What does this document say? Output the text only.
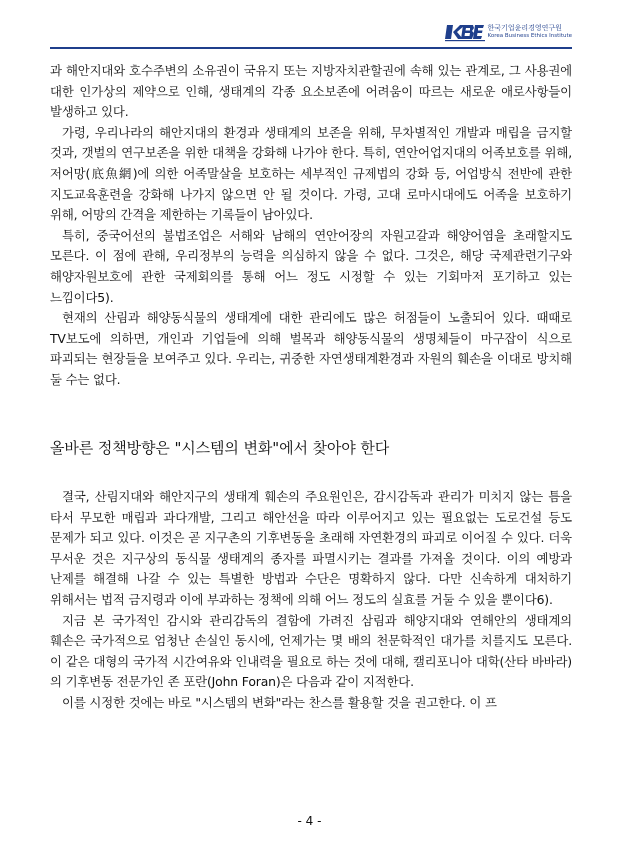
한국기업윤리경영연구원
Korea Business Ethics Institute

과 해안지대와 호수주변의 소유권이 국유지 또는 지방자치관할권에 속해 있는 관계로, 그 사용권에 대한 인가상의 제약으로 인해, 생태계의 각종 요소보존에 어려움이 따르는 새로운 애로사항들이 발생하고 있다.

가령, 우리나라의 해안지대의 환경과 생태계의 보존을 위해, 무차별적인 개발과 매립을 금지할 것과, 갯벌의 연구보존을 위한 대책을 강화해 나가야 한다. 특히, 연안어업지대의 어족보호를 위해, 저어망(底魚網)에 의한 어족말살을 보호하는 세부적인 규제법의 강화 등, 어업방식 전반에 관한 지도교육훈련을 강화해 나가지 않으면 안 될 것이다. 가령, 고대 로마시대에도 어족을 보호하기 위해, 어망의 간격을 제한하는 기록들이 남아있다.

특히, 중국어선의 불법조업은 서해와 남해의 연안어장의 자원고갈과 해양어염을 초래할지도 모른다. 이 점에 관해, 우리정부의 능력을 의심하지 않을 수 없다. 그것은, 해당 국제관련기구와 해양자원보호에 관한 국제회의를 통해 어느 정도 시정할 수 있는 기회마저 포기하고 있는 느낌이다5).

현재의 산림과 해양동식물의 생태계에 대한 관리에도 많은 허점들이 노출되어 있다. 때때로 TV보도에 의하면, 개인과 기업들에 의해 벌목과 해양동식물의 생명체들이 마구잡이 식으로 파괴되는 현장들을 보여주고 있다. 우리는, 귀중한 자연생태계환경과 자원의 훼손을 이대로 방치해 둘 수는 없다.

올바른 정책방향은 "시스템의 변화"에서 찾아야 한다

결국, 산림지대와 해안지구의 생태계 훼손의 주요원인은, 감시감독과 관리가 미치지 않는 틈을 타서 무모한 매립과 과다개발, 그리고 해안선을 따라 이루어지고 있는 필요없는 도로건설 등도 문제가 되고 있다. 이것은 곧 지구촌의 기후변동을 초래해 자연환경의 파괴로 이어질 수 있다. 더욱 무서운 것은 지구상의 동식물 생태계의 종자를 파멸시키는 결과를 가져올 것이다. 이의 예방과 난제를 해결해 나갈 수 있는 특별한 방법과 수단은 명확하지 않다. 다만 신속하게 대처하기 위해서는 법적 금지령과 이에 부과하는 정책에 의해 어느 정도의 실효를 거둘 수 있을 뿐이다6).

지금 본 국가적인 감시와 관리감독의 결함에 가려진 삼림과 해양지대와 연해안의 생태계의 훼손은 국가적으로 엄청난 손실인 동시에, 언제가는 몇 배의 천문학적인 대가를 치를지도 모른다. 이 같은 대형의 국가적 시간여유와 인내력을 필요로 하는 것에 대해, 캘리포니아 대학(산타 바바라)의 기후변동 전문가인 존 포란(John Foran)은 다음과 같이 지적한다.

이를 시정한 것에는 바로 "시스템의 변화"라는 찬스를 활용할 것을 권고한다. 이 프

- 4 -
